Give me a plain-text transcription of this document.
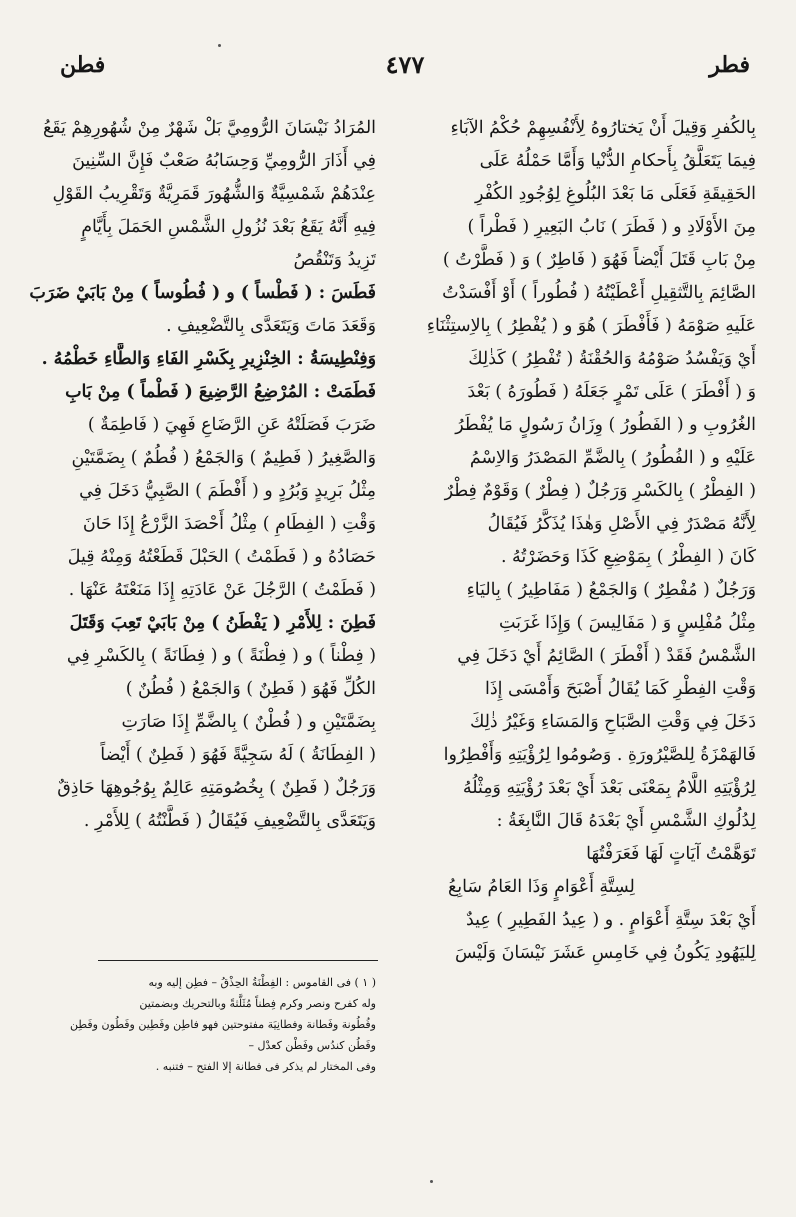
فطر
٤٧٧
فطن
بِالكُفرِ وَقِيلَ أَنْ يَختارُوهُ لِأَنْفُسِهِمْ حُكْمُ الآبَاءِ
فِيمَا يَتَعَلَّقُ بِأَحكامِ الدُّنْيا وَأَمَّا حَمْلُهُ عَلَى
الحَقِيقَةِ فَعَلَى مَا بَعْدَ البُلُوغِ لِوُجُودِ الكُفْرِ
مِنَ الأَوْلَادِ و ( فَطَرَ ) نَابُ البَعِيرِ ( فَطْراً )
مِنْ بَابِ قَتَلَ أَيْضاً فَهُوَ ( فَاطِرٌ ) وَ ( فَطَّرْتُ )
الصَّائِمَ بِالتَّثقِيلِ أَعْطَيْتُهُ ( فُطُوراً ) أَوْ أَفْسَدْتُ
عَلَيهِ صَوْمَهُ ( فَأَفْطَرَ ) هُوَ و ( يُفْطِرُ ) بِالاِستِثْنَاءِ
أَيْ وَيَفْسُدُ صَوْمُهُ وَالحُقْنَةُ ( تُفْطِرُ ) كَذٰلِكَ
وَ ( أَفْطَرَ ) عَلَى تَمْرٍ جَعَلَهُ ( فَطُورَهُ ) بَعْدَ
الغُرُوبِ و ( الفَطُورُ ) وِزَانُ رَسُولٍ مَا يُفْطَرُ
عَلَيْهِ و ( الفُطُورُ ) بِالضَّمِّ المَصْدَرُ وَالاِسْمُ
( الفِطْرُ ) بِالكَسْرِ وَرَجُلٌ ( فِطْرٌ ) وَقَوْمٌ فِطْرٌ
لِأَنَّهُ مَصْدَرٌ فِي الأَصْلِ وَهٰذَا يُذَكَّرُ فَيُقَالُ
كَانَ ( الفِطْرُ ) بِمَوْضِعِ كَذَا وَحَضَرْتُهُ .
وَرَجُلٌ ( مُفْطِرٌ ) وَالجَمْعُ ( مَفَاطِيرُ ) بِاليَاءِ
مِثْلُ مُفْلِسٍ وَ ( مَفَالِيسَ ) وَإِذَا غَرَبَتِ
الشَّمْسُ فَقَدْ ( أَفْطَرَ ) الصَّائِمُ أَيْ دَخَلَ فِي
وَقْتِ الفِطْرِ كَمَا يُقَالُ أَصْبَحَ وَأَمْسَى إِذَا
دَخَلَ فِي وَقْتِ الصَّبَاحِ وَالمَسَاءِ وَغَيْرُ ذٰلِكَ
فَالهَمْزَةُ لِلصَّيْرُورَةِ . وَصُومُوا لِرُؤْيَتِهِ وَأَفْطِرُوا
لِرُؤْيَتِهِ اللَّامُ بِمَعْنَى بَعْدَ أَيْ بَعْدَ رُؤْيَتِهِ وَمِثْلُهُ
لِدُلُوكِ الشَّمْسِ أَيْ بَعْدَهُ قَالَ النَّابِغَةُ :
تَوَهَّمْتُ آيَاتٍ لَهَا فَعَرَفْتُهَا
لِسِتَّةِ أَعْوَامٍ وَذَا العَامُ سَابِعُ
أَيْ بَعْدَ سِتَّةِ أَعْوَامٍ . و ( عِيدُ الفَطِيرِ ) عِيدٌ
لِليَهُودِ يَكُونُ فِي خَامِسِ عَشَرَ نَيْسَانَ وَلَيْسَ
المُرَادُ نَيْسَانَ الرُّومِيَّ بَلْ شَهْرٌ مِنْ شُهُورِهِمْ يَقَعُ
فِي أَذَارَ الرُّومِيِّ وَحِسَابُهُ صَعْبٌ فَإِنَّ السِّنِينَ
عِنْدَهُمْ شَمْسِيَّةٌ وَالشُّهُورَ قَمَرِيَّةٌ وَتَقْرِيبُ القَوْلِ
فِيهِ أَنَّهُ يَقَعُ بَعْدَ نُزُولِ الشَّمْسِ الحَمَلَ بِأَيَّامٍ
تَزِيدُ وَتَنْقُصُ
فَطَسَ : ( فَطْساً ) و ( فُطُوساً ) مِنْ بَابَيْ ضَرَبَ
وَقَعَدَ مَاتَ وَيَتَعَدَّى بِالتَّضْعِيفِ .
وَفِنْطِيسَةُ : الخِنْزِيرِ بِكَسْرِ الفَاءِ وَالطَّاءِ خَطْمُهُ .
فَطَمَتْ : المُرْضِعُ الرَّضِيعَ ( فَطْماً ) مِنْ بَابِ
ضَرَبَ فَصَلَتْهُ عَنِ الرَّضَاعِ فَهِيَ ( فَاطِمَةٌ )
وَالصَّغِيرُ ( فَطِيمٌ ) وَالجَمْعُ ( فُطُمٌ ) بِضَمَّتَيْنِ
مِثْلُ بَرِيدٍ وَبُرُدٍ و ( أَفْطَمَ ) الصَّبِيُّ دَخَلَ فِي
وَقْتِ ( الفِطَامِ ) مِثْلُ أَحْصَدَ الزَّرْعُ إِذَا حَانَ
حَصَادُهُ و ( فَطَمْتُ ) الحَبْلَ قَطَعْتُهُ وَمِنْهُ قِيلَ
( فَطَمْتُ ) الرَّجُلَ عَنْ عَادَتِهِ إِذَا مَنَعْتَهُ عَنْهَا .
فَطِنَ : لِلأَمْرِ ( يَفْطَنُ ) مِنْ بَابَيْ تَعِبَ وَقَتَلَ
( فِطْناً ) و ( فِطْنَةً ) و ( فِطَانَةً ) بِالكَسْرِ فِي
الكُلِّ فَهُوَ ( فَطِنٌ ) وَالجَمْعُ ( فُطُنٌ )
بِضَمَّتَيْنِ و ( فُطْنٌ ) بِالضَّمِّ إِذَا صَارَتِ
( الفِطَانَةُ ) لَهُ سَجِيَّةً فَهُوَ ( فَطِنٌ ) أَيْضاً
وَرَجُلٌ ( فَطِنٌ ) بِخُصُومَتِهِ عَالِمٌ بِوُجُوهِهَا حَاذِقٌ
وَيَتَعَدَّى بِالتَّضْعِيفِ فَيُقَالُ ( فَطَّنْتُهُ ) لِلأَمْرِ .
( ١ ) فى القاموس : الفِطْنَةُ الحِذْقُ – فطِن إليه وبه
وله كفرح ونصر وكرم فِطناً مُثَلَّثةً وبالتحريك وبضمتين
وفُطُونة وفَطانة وفطانِيَة مفتوحتين فهو فاطِن وفَطِين وفَطُون وفَطِن
وفَطُن كندُس وفَطْن كعدْل –
وفى المختار لم يذكر فى فطانة إلا الفتح – فتنبه .
